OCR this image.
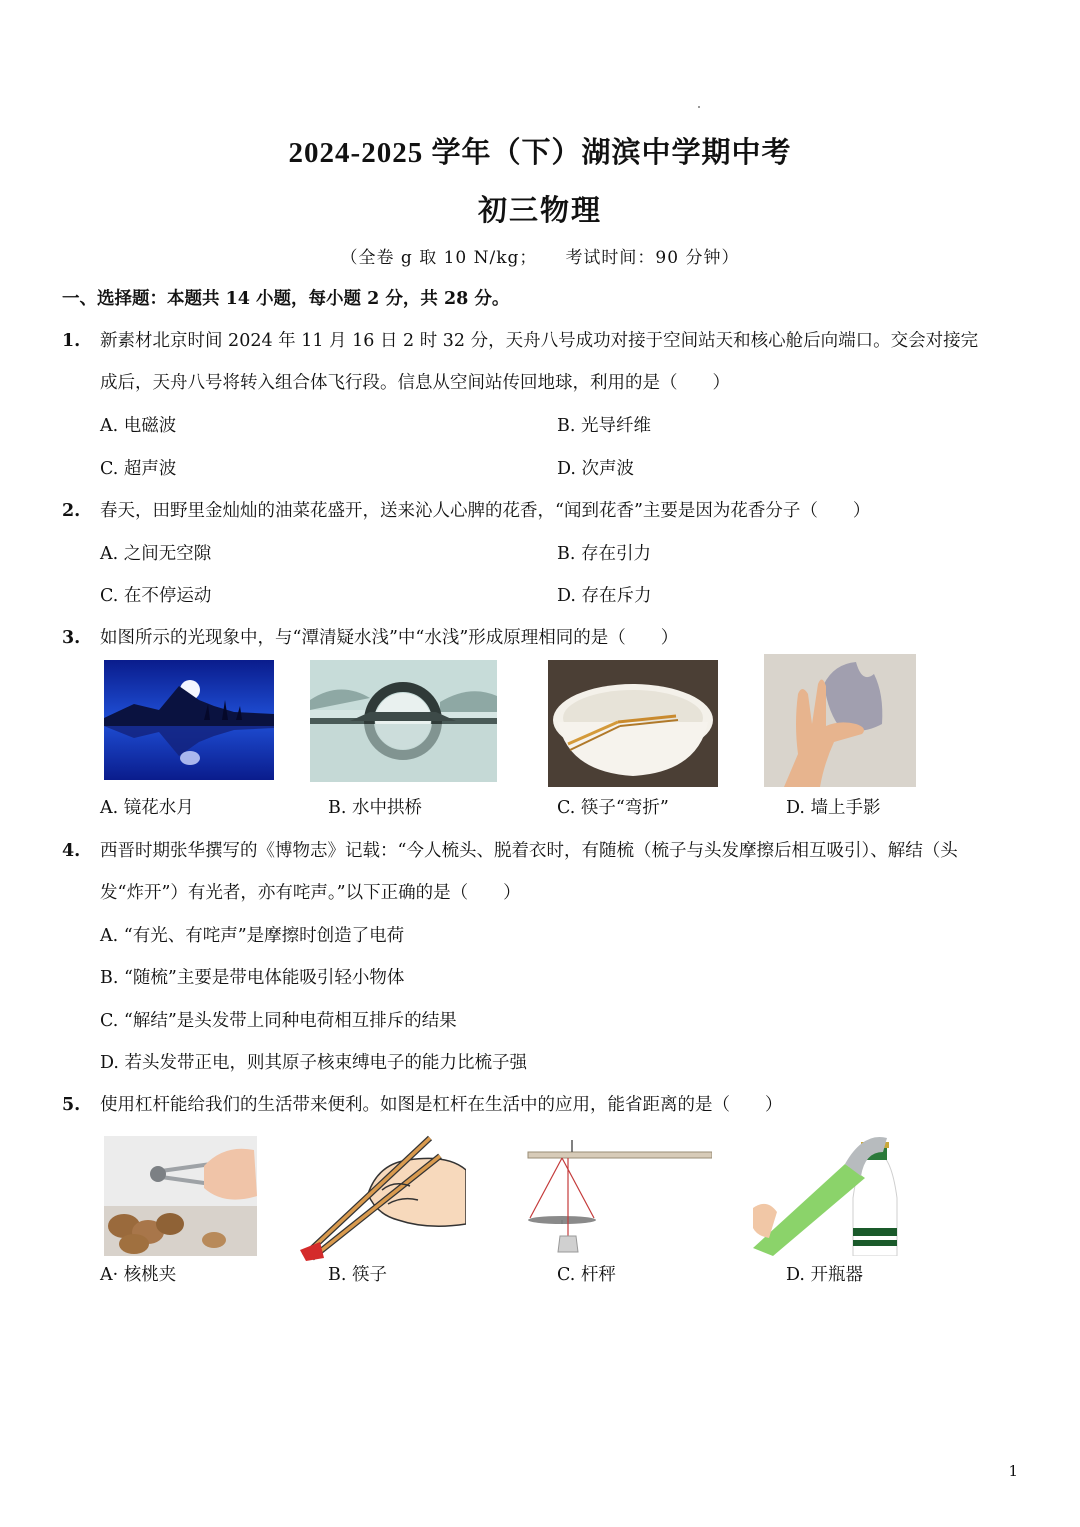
2024-2025 学年（下）湖滨中学期中考
初三物理
（全卷 g 取 10 N/kg； 考试时间：90 分钟）
一、选择题：本题共 14 小题，每小题 2 分，共 28 分。
1. 新素材北京时间 2024 年 11 月 16 日 2 时 32 分，天舟八号成功对接于空间站天和核心舱后向端口。交会对接完
成后，天舟八号将转入组合体飞行段。信息从空间站传回地球，利用的是（　　）
A. 电磁波	B. 光导纤维
C. 超声波	D. 次声波
2. 春天，田野里金灿灿的油菜花盛开，送来沁人心脾的花香，“闻到花香”主要是因为花香分子（　　）
A. 之间无空隙	B. 存在引力
C. 在不停运动	D. 存在斥力
3. 如图所示的光现象中，与“潭清疑水浅”中“水浅”形成原理相同的是（　　）
A. 镜花水月	B. 水中拱桥	C. 筷子“弯折”	D. 墙上手影
4. 西晋时期张华撰写的《博物志》记载：“今人梳头、脱着衣时，有随梳（梳子与头发摩擦后相互吸引）、解结（头
发“炸开”）有光者，亦有咤声。”以下正确的是（　　）
A. “有光、有咤声”是摩擦时创造了电荷
B. “随梳”主要是带电体能吸引轻小物体
C. “解结”是头发带上同种电荷相互排斥的结果
D. 若头发带正电，则其原子核束缚电子的能力比梳子强
5. 使用杠杆能给我们的生活带来便利。如图是杠杆在生活中的应用，能省距离的是（　　）
A· 核桃夹	B. 筷子	C. 杆秤	D. 开瓶器
1
